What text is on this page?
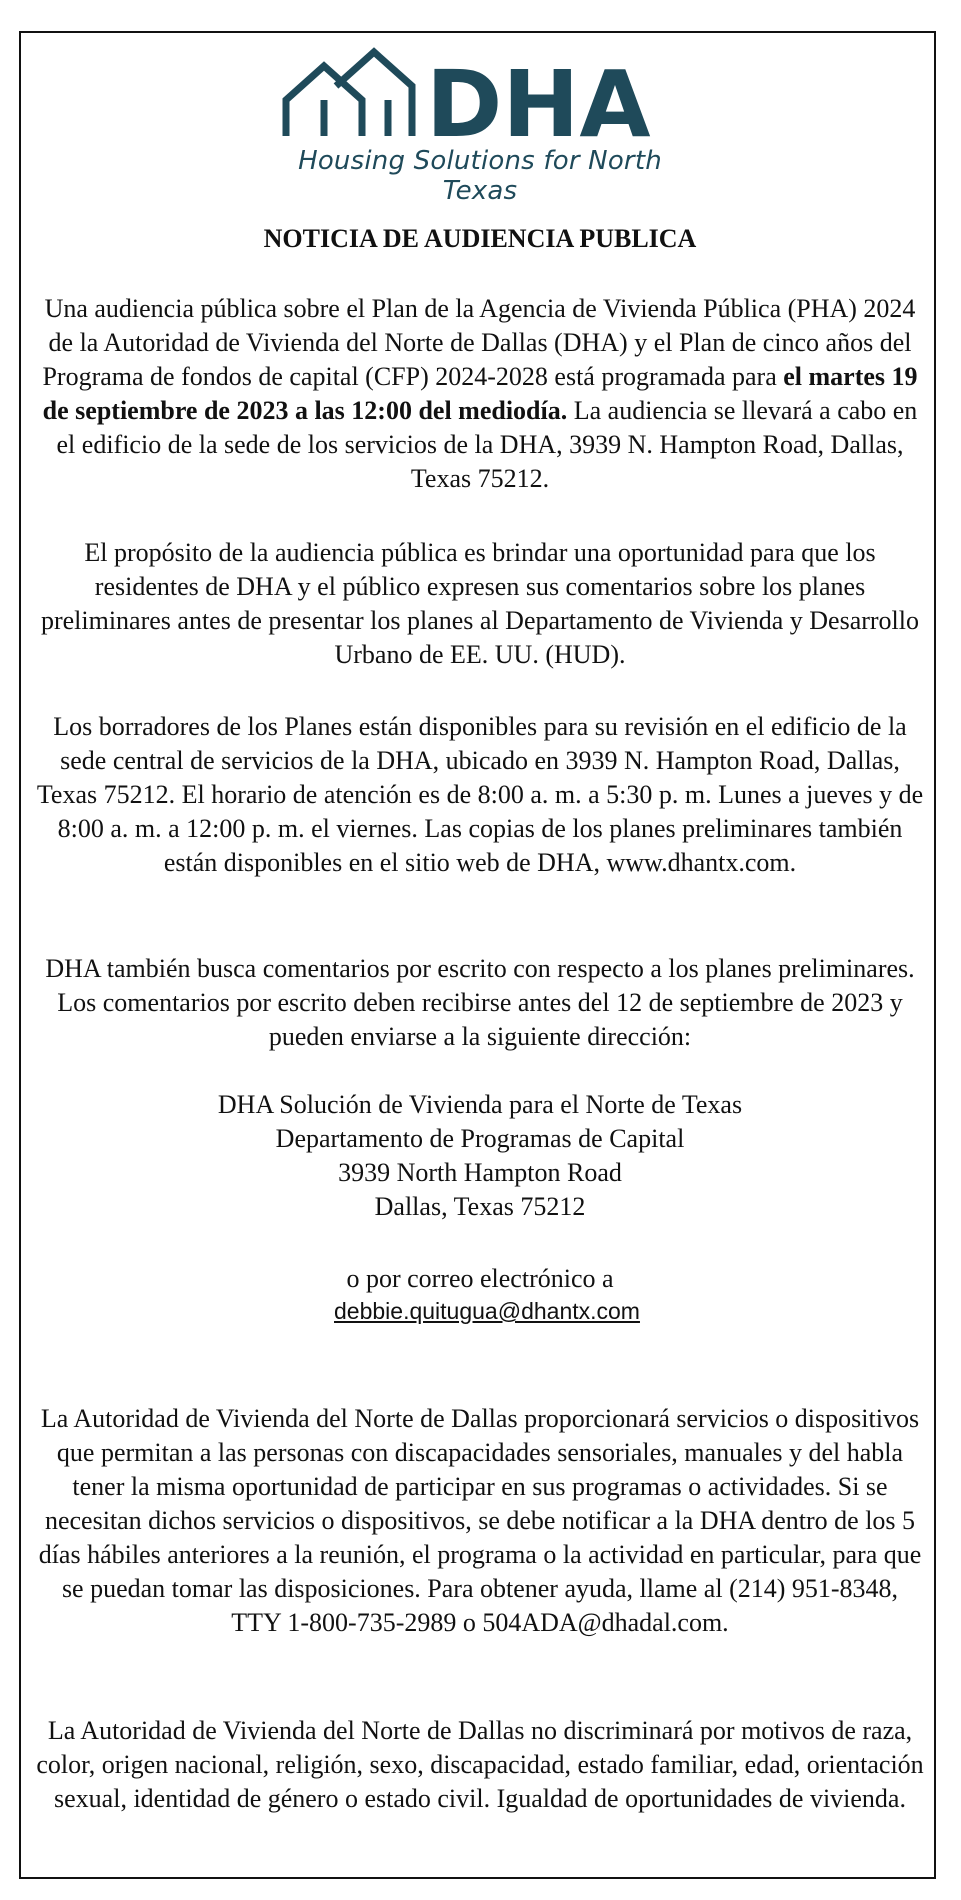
DHA
Housing Solutions for North Texas
NOTICIA DE AUDIENCIA PUBLICA

Una audiencia pública sobre el Plan de la Agencia de Vivienda Pública (PHA) 2024 de la Autoridad de Vivienda del Norte de Dallas (DHA) y el Plan de cinco años del Programa de fondos de capital (CFP) 2024-2028 está programada para el martes 19 de septiembre de 2023 a las 12:00 del mediodía. La audiencia se llevará a cabo en el edificio de la sede de los servicios de la DHA, 3939 N. Hampton Road, Dallas, Texas 75212.

El propósito de la audiencia pública es brindar una oportunidad para que los residentes de DHA y el público expresen sus comentarios sobre los planes preliminares antes de presentar los planes al Departamento de Vivienda y Desarrollo Urbano de EE. UU. (HUD).

Los borradores de los Planes están disponibles para su revisión en el edificio de la sede central de servicios de la DHA, ubicado en 3939 N. Hampton Road, Dallas, Texas 75212. El horario de atención es de 8:00 a. m. a 5:30 p. m. Lunes a jueves y de 8:00 a. m. a 12:00 p. m. el viernes. Las copias de los planes preliminares también están disponibles en el sitio web de DHA, www.dhantx.com.

DHA también busca comentarios por escrito con respecto a los planes preliminares. Los comentarios por escrito deben recibirse antes del 12 de septiembre de 2023 y pueden enviarse a la siguiente dirección:

DHA Solución de Vivienda para el Norte de Texas
Departamento de Programas de Capital
3939 North Hampton Road
Dallas, Texas 75212

o por correo electrónico a

debbie.quitugua@dhantx.com

La Autoridad de Vivienda del Norte de Dallas proporcionará servicios o dispositivos que permitan a las personas con discapacidades sensoriales, manuales y del habla tener la misma oportunidad de participar en sus programas o actividades. Si se necesitan dichos servicios o dispositivos, se debe notificar a la DHA dentro de los 5 días hábiles anteriores a la reunión, el programa o la actividad en particular, para que se puedan tomar las disposiciones. Para obtener ayuda, llame al (214) 951-8348, TTY 1-800-735-2989 o 504ADA@dhadal.com.

La Autoridad de Vivienda del Norte de Dallas no discriminará por motivos de raza, color, origen nacional, religión, sexo, discapacidad, estado familiar, edad, orientación sexual, identidad de género o estado civil. Igualdad de oportunidades de vivienda.
